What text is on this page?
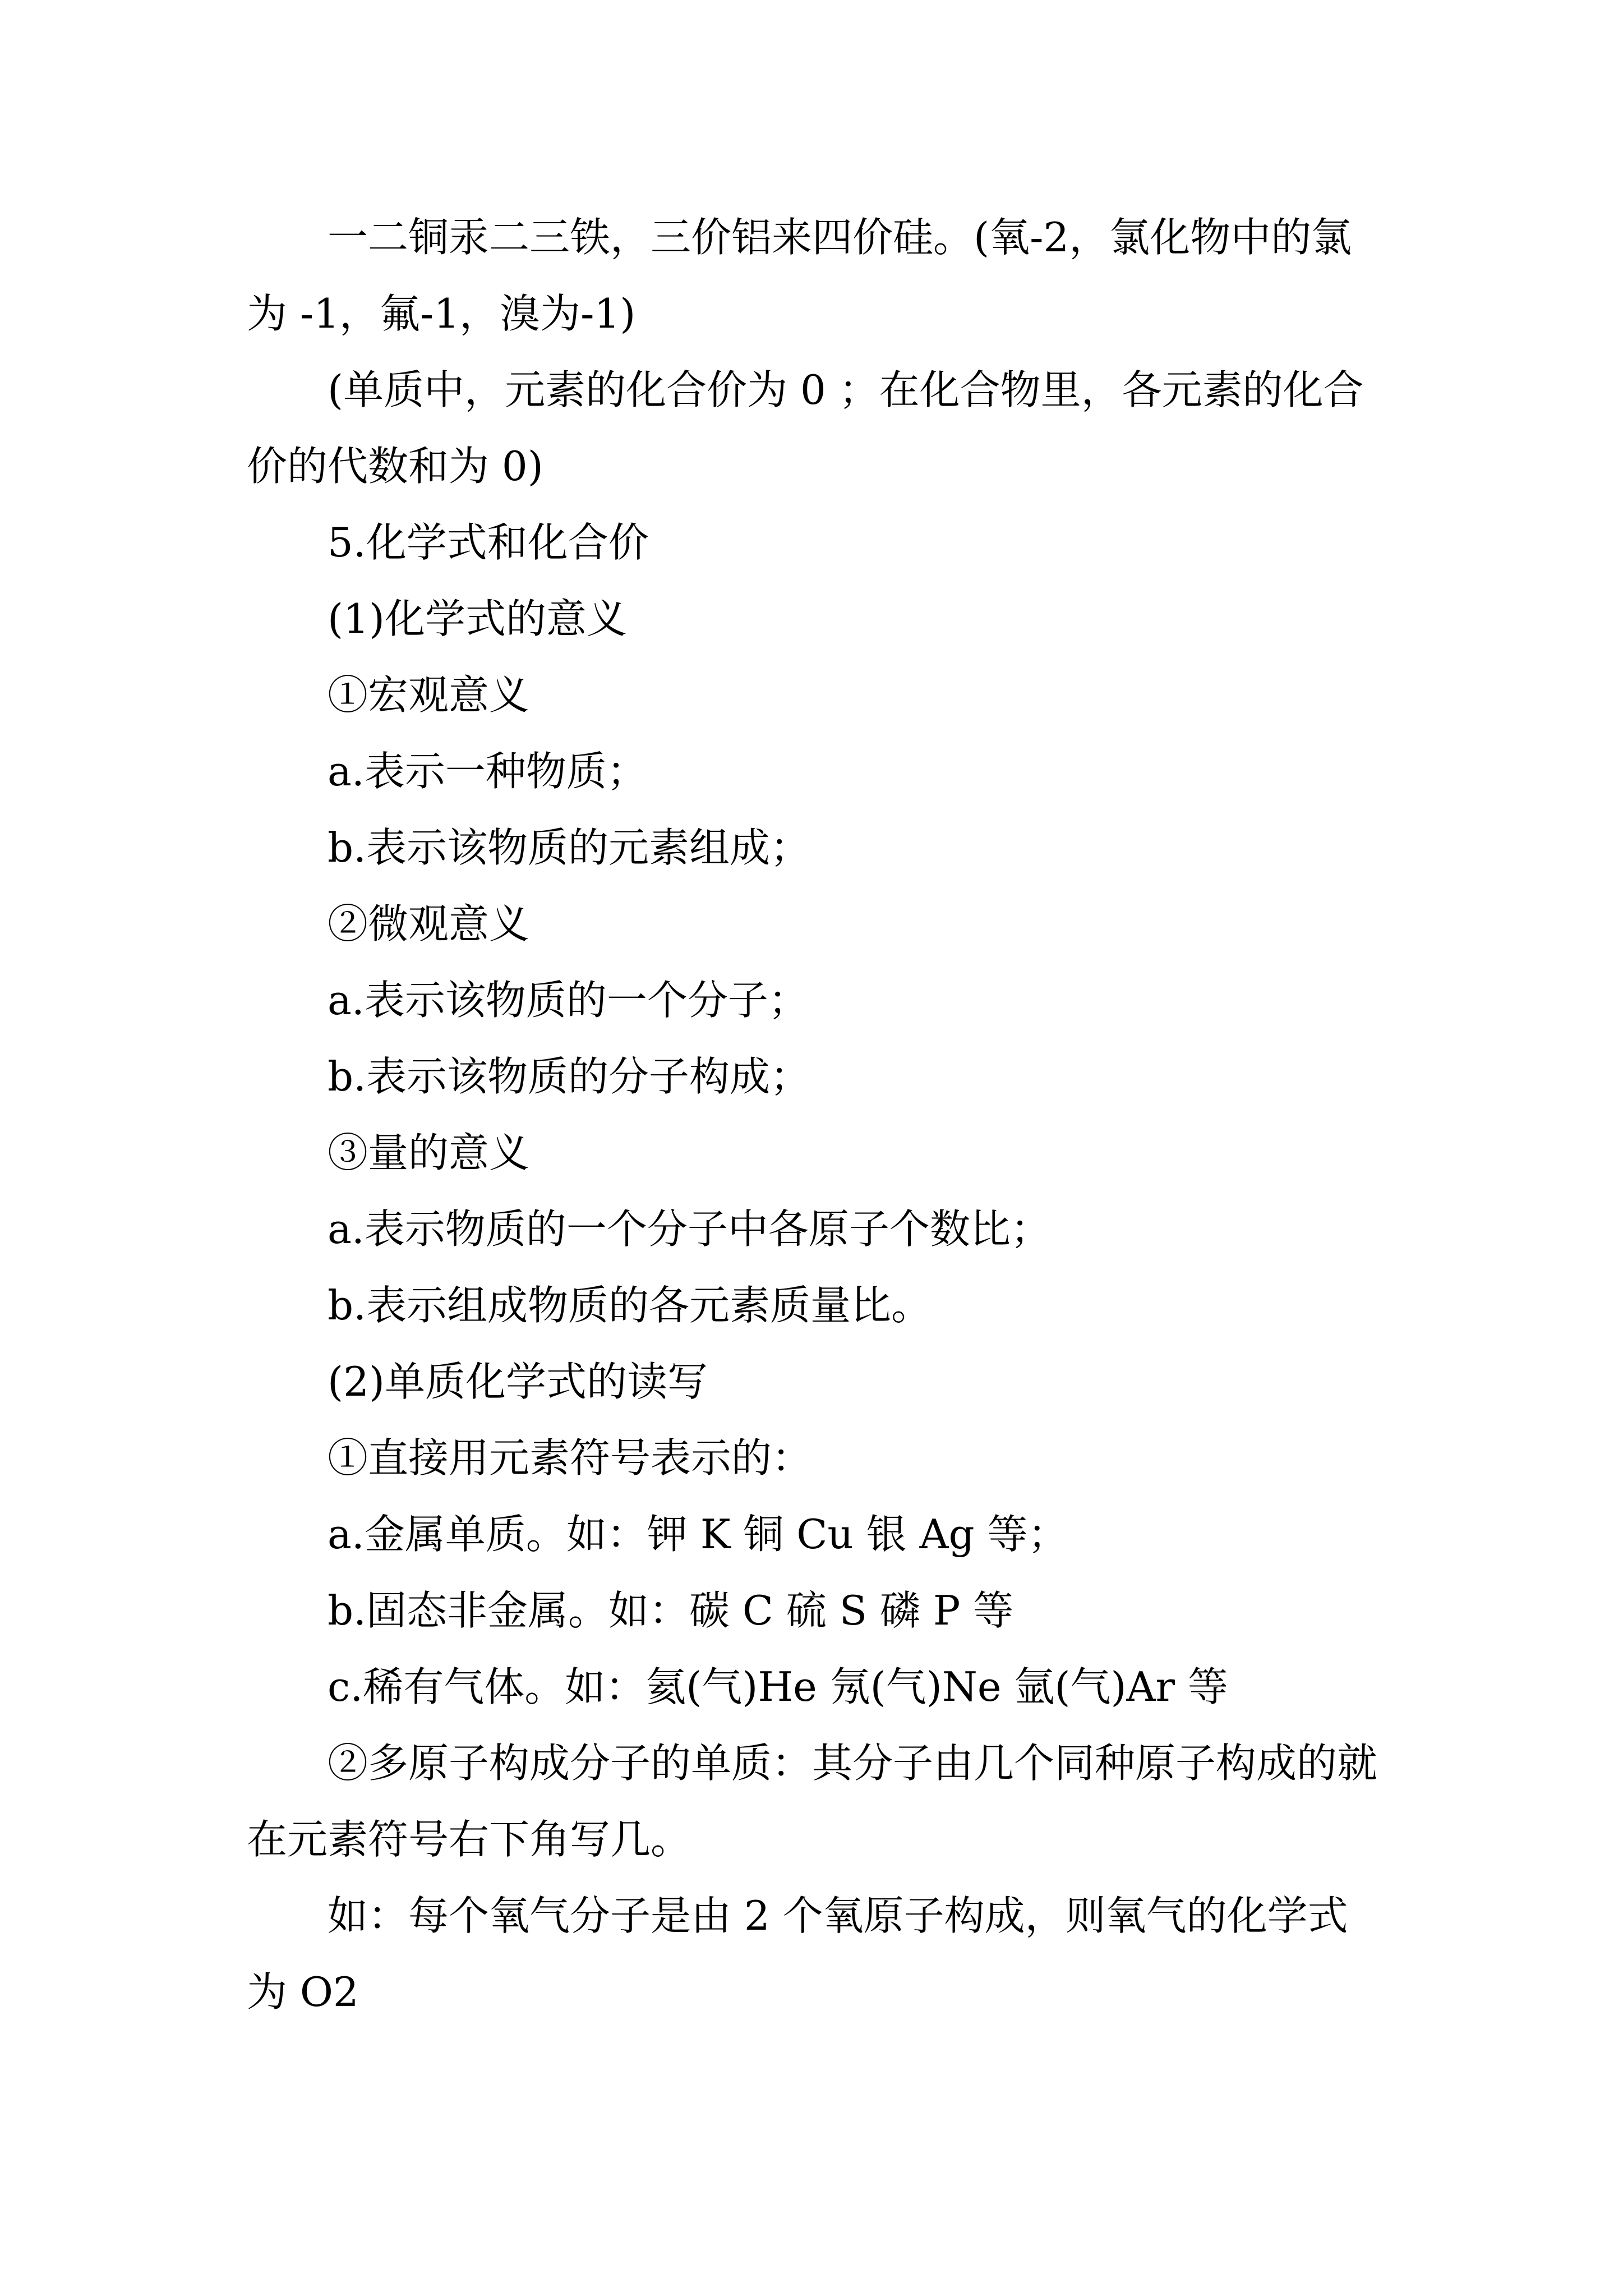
一二铜汞二三铁，三价铝来四价硅。(氧-2，氯化物中的氯为 -1，氟-1，溴为-1)

(单质中，元素的化合价为 0 ；在化合物里，各元素的化合价的代数和为 0)

5.化学式和化合价

(1)化学式的意义

①宏观意义

a.表示一种物质；

b.表示该物质的元素组成；

②微观意义

a.表示该物质的一个分子；

b.表示该物质的分子构成；

③量的意义

a.表示物质的一个分子中各原子个数比；

b.表示组成物质的各元素质量比。

(2)单质化学式的读写

①直接用元素符号表示的：

a.金属单质。如：钾 K 铜 Cu 银 Ag 等；

b.固态非金属。如：碳 C 硫 S 磷 P 等

c.稀有气体。如：氦(气)He 氖(气)Ne 氩(气)Ar 等

②多原子构成分子的单质：其分子由几个同种原子构成的就在元素符号右下角写几。

如：每个氧气分子是由 2 个氧原子构成，则氧气的化学式为 O2
